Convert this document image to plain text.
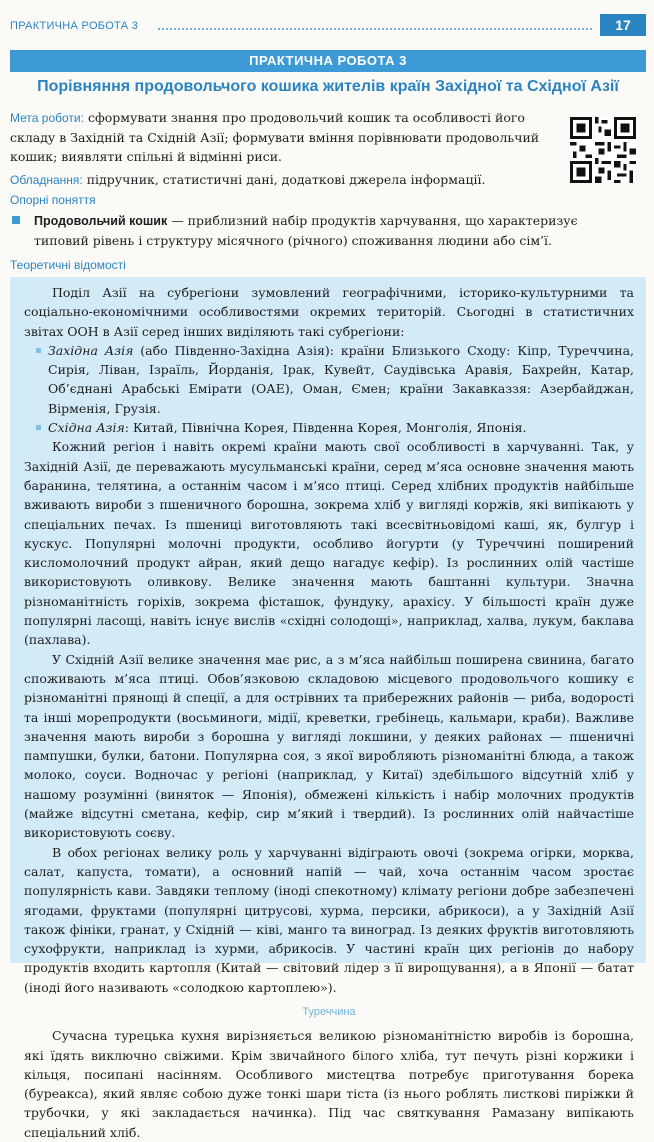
ПРАКТИЧНА РОБОТА 3	17
ПРАКТИЧНА РОБОТА 3
Порівняння продовольчого кошика жителів країн Західної та Східної Азії
Мета роботи: сформувати знання про продовольчий кошик та особливості його складу в Західній та Східній Азії; формувати вміння порівнювати продовольчий кошик; виявляти спільні й відмінні риси.
Обладнання: підручник, статистичні дані, додаткові джерела інформації.
Опорні поняття
Продовольчий кошик — приблизний набір продуктів харчування, що характеризує типовий рівень і структуру місячного (річного) споживання людини або сім’ї.
Теоретичні відомості

Поділ Азії на субрегіони зумовлений географічними, історико-культурними та соціально-економічними особливостями окремих територій. Сьогодні в статистичних звітах ООН в Азії серед інших виділяють такі субрегіони:

Західна Азія (або Південно-Західна Азія): країни Близького Сходу: Кіпр, Туреччина, Сирія, Ліван, Ізраїль, Йорданія, Ірак, Кувейт, Саудівська Аравія, Бахрейн, Катар, Об’єднані Арабські Емірати (ОАЕ), Оман, Ємен; країни Закавказзя: Азербайджан, Вірменія, Грузія.

Східна Азія: Китай, Північна Корея, Південна Корея, Монголія, Японія.

Кожний регіон і навіть окремі країни мають свої особливості в харчуванні. Так, у Західній Азії, де переважають мусульманські країни, серед м’яса основне значення мають баранина, телятина, а останнім часом і м’ясо птиці. Серед хлібних продуктів найбільше вживають вироби з пшеничного борошна, зокрема хліб у вигляді коржів, які випікають у спеціальних печах. Із пшениці виготовляють такі всесвітньовідомі каші, як, булгур і кускус. Популярні молочні продукти, особливо йогурти (у Туреччині поширений кисломолочний продукт айран, який дещо нагадує кефір). Із рослинних олій частіше використовують оливкову. Велике значення мають баштанні культури. Значна різноманітність горіхів, зокрема фісташок, фундуку, арахісу. У більшості країн дуже популярні ласощі, навіть існує вислів «східні солодощі», наприклад, халва, лукум, баклава (пахлава).

У Східній Азії велике значення має рис, а з м’яса найбільш поширена свинина, багато споживають м’яса птиці. Обов’язковою складовою місцевого продовольчого кошику є різноманітні прянощі й спеції, а для острівних та прибережних районів — риба, водорості та інші морепродукти (восьминоги, мідії, креветки, гребінець, кальмари, краби). Важливе значення мають вироби з борошна у вигляді локшини, у деяких районах — пшеничні пампушки, булки, батони. Популярна соя, з якої виробляють різноманітні блюда, а також молоко, соуси. Водночас у регіоні (наприклад, у Китаї) здебільшого відсутній хліб у нашому розумінні (виняток — Японія), обмежені кількість і набір молочних продуктів (майже відсутні сметана, кефір, сир м’який і твердий). Із рослинних олій найчастіше використовують соєву.

В обох регіонах велику роль у харчуванні відіграють овочі (зокрема огірки, морква, салат, капуста, томати), а основний напій — чай, хоча останнім часом зростає популярність кави. Завдяки теплому (іноді спекотному) клімату регіони добре забезпечені ягодами, фруктами (популярні цитрусові, хурма, персики, абрикоси), а у Західній Азії також фініки, гранат, у Східній — ківі, манго та виноград. Із деяких фруктів виготовляють сухофрукти, наприклад із хурми, абрикосів. У частині країн цих регіонів до набору продуктів входить картопля (Китай — світовий лідер з її вирощування), а в Японії — батат (іноді його називають «солодкою картоплею»).

Туреччина

Сучасна турецька кухня вирізняється великою різноманітністю виробів із борошна, які їдять виключно свіжими. Крім звичайного білого хліба, тут печуть різні коржики і кільця, посипані насінням. Особливого мистецтва потребує приготування борека (буреакса), який являє собою дуже тонкі шари тіста (із нього роблять листкові пиріжки й трубочки, у які закладається начинка). Під час святкування Рамазану випікають спеціальний хліб.
